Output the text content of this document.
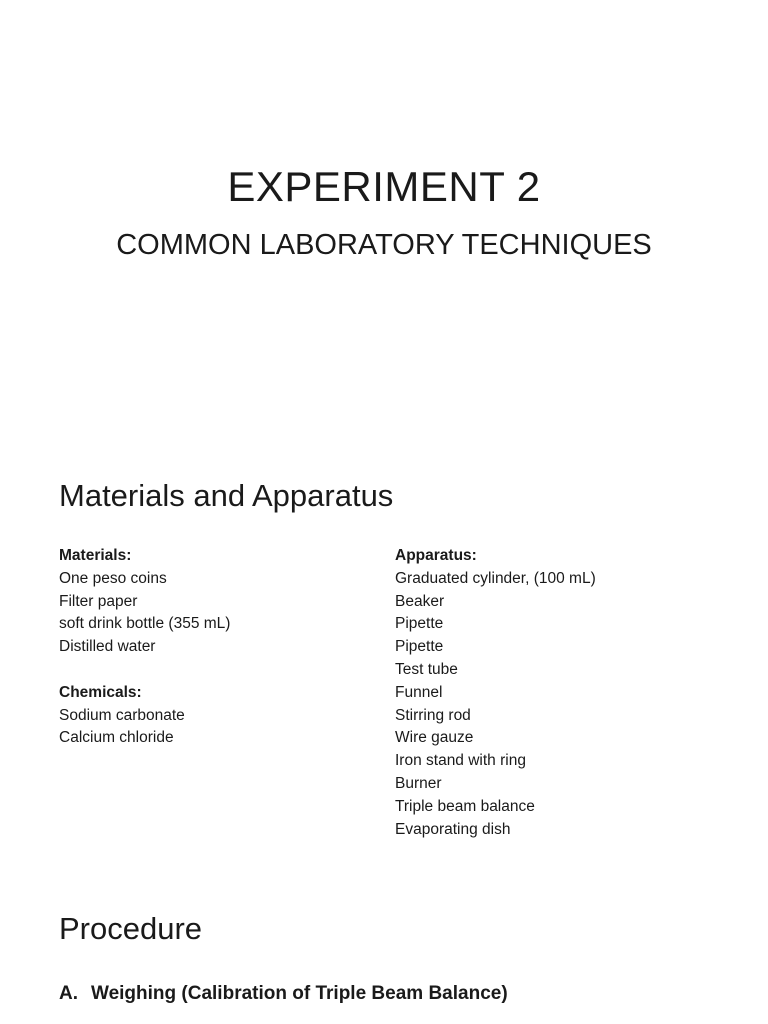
EXPERIMENT 2
COMMON LABORATORY TECHNIQUES
Materials and Apparatus
Materials:
One peso coins
Filter paper
soft drink bottle (355 mL)
Distilled water
Chemicals:
Sodium carbonate
Calcium chloride
Apparatus:
Graduated cylinder, (100 mL)
Beaker
Pipette
Pipette
Test tube
Funnel
Stirring rod
Wire gauze
Iron stand with ring
Burner
Triple beam balance
Evaporating dish
Procedure
A. Weighing (Calibration of Triple Beam Balance)
